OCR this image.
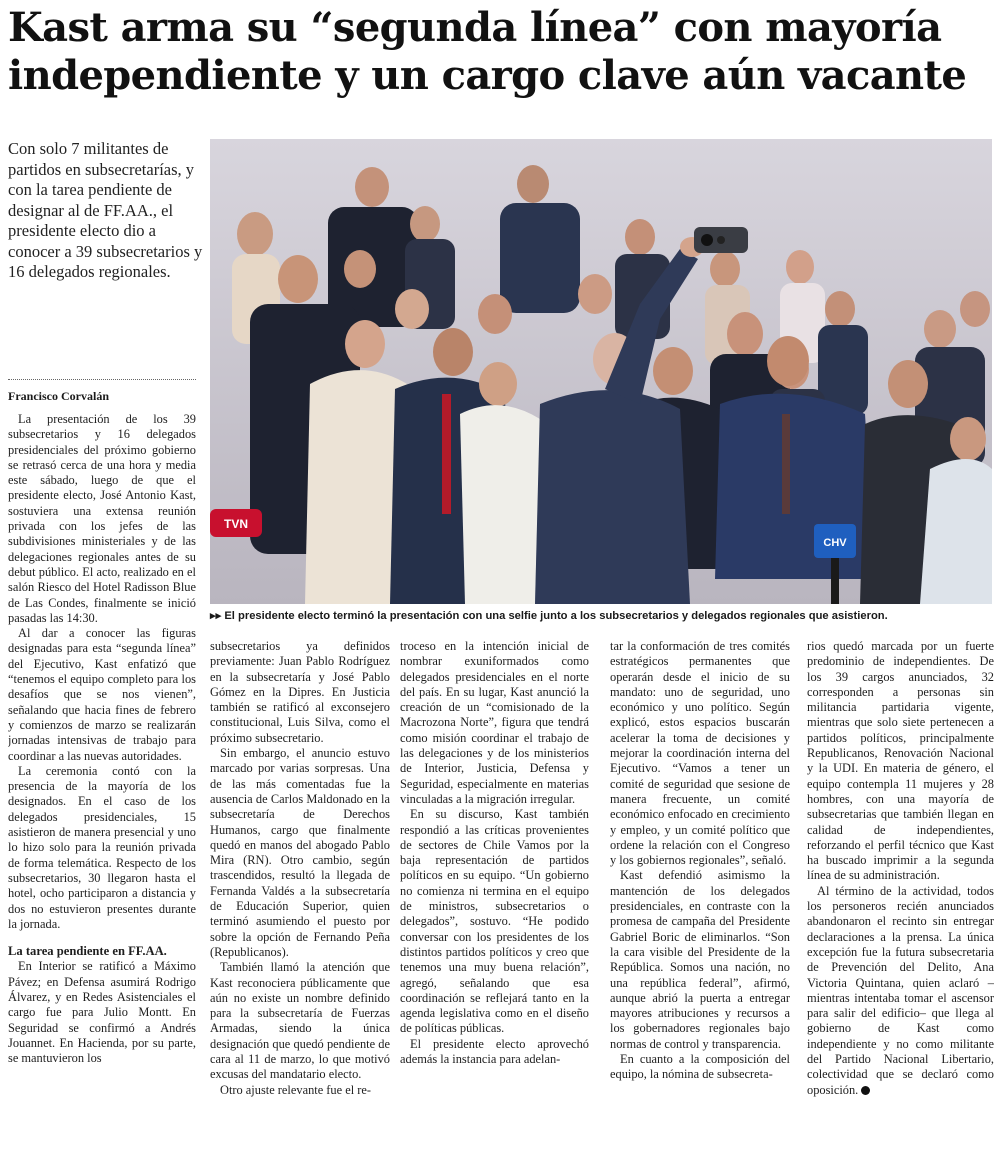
Kast arma su “segunda línea” con mayoría
independiente y un cargo clave aún vacante
Con solo 7 militantes de partidos en subsecretarías, y con la tarea pendiente de designar al de FF.AA., el presidente electo dio a conocer a 39 subsecretarios y 16 delegados regionales.
Francisco Corvalán
TVN
CHV
▸▸ El presidente electo terminó la presentación con una selfie junto a los subsecretarios y delegados regionales que asistieron.

La presentación de los 39 subsecretarios y 16 delegados presidenciales del próximo gobierno se retrasó cerca de una hora y media este sábado, luego de que el presidente electo, José Antonio Kast, sostuviera una extensa reunión privada con los jefes de las subdivisiones ministeriales y de las delegaciones regionales antes de su debut público. El acto, realizado en el salón Riesco del Hotel Radisson Blue de Las Condes, finalmente se inició pasadas las 14:30.

Al dar a conocer las figuras designadas para esta “segunda línea” del Ejecutivo, Kast enfatizó que “tenemos el equipo completo para los desafíos que se nos vienen”, señalando que hacia fines de febrero y comienzos de marzo se realizarán jornadas intensivas de trabajo para coordinar a las nuevas autoridades.

La ceremonia contó con la presencia de la mayoría de los designados. En el caso de los delegados presidenciales, 15 asistieron de manera presencial y uno lo hizo solo para la reunión privada de forma telemática. Respecto de los subsecretarios, 30 llegaron hasta el hotel, ocho participaron a distancia y dos no estuvieron presentes durante la jornada.

La tarea pendiente en FF.AA.

En Interior se ratificó a Máximo Pávez; en Defensa asumirá Rodrigo Álvarez, y en Redes Asistenciales el cargo fue para Julio Montt. En Seguridad se confirmó a Andrés Jouannet. En Hacienda, por su parte, se mantuvieron los

subsecretarios ya definidos previamente: Juan Pablo Rodríguez en la subsecretaría y José Pablo Gómez en la Dipres. En Justicia también se ratificó al exconsejero constitucional, Luis Silva, como el próximo subsecretario.

Sin embargo, el anuncio estuvo marcado por varias sorpresas. Una de las más comentadas fue la ausencia de Carlos Maldonado en la subsecretaría de Derechos Humanos, cargo que finalmente quedó en manos del abogado Pablo Mira (RN). Otro cambio, según trascendidos, resultó la llegada de Fernanda Valdés a la subsecretaría de Educación Superior, quien terminó asumiendo el puesto por sobre la opción de Fernando Peña (Republicanos).

También llamó la atención que Kast reconociera públicamente que aún no existe un nombre definido para la subsecretaría de Fuerzas Armadas, siendo la única designación que quedó pendiente de cara al 11 de marzo, lo que motivó excusas del mandatario electo.

Otro ajuste relevante fue el re-

troceso en la intención inicial de nombrar exuniformados como delegados presidenciales en el norte del país. En su lugar, Kast anunció la creación de un “comisionado de la Macrozona Norte”, figura que tendrá como misión coordinar el trabajo de las delegaciones y de los ministerios de Interior, Justicia, Defensa y Seguridad, especialmente en materias vinculadas a la migración irregular.

En su discurso, Kast también respondió a las críticas provenientes de sectores de Chile Vamos por la baja representación de partidos políticos en su equipo. “Un gobierno no comienza ni termina en el equipo de ministros, subsecretarios o delegados”, sostuvo. “He podido conversar con los presidentes de los distintos partidos políticos y creo que tenemos una muy buena relación”, agregó, señalando que esa coordinación se reflejará tanto en la agenda legislativa como en el diseño de políticas públicas.

El presidente electo aprovechó además la instancia para adelan-

tar la conformación de tres comités estratégicos permanentes que operarán desde el inicio de su mandato: uno de seguridad, uno económico y uno político. Según explicó, estos espacios buscarán acelerar la toma de decisiones y mejorar la coordinación interna del Ejecutivo. “Vamos a tener un comité de seguridad que sesione de manera frecuente, un comité económico enfocado en crecimiento y empleo, y un comité político que ordene la relación con el Congreso y los gobiernos regionales”, señaló.

Kast defendió asimismo la mantención de los delegados presidenciales, en contraste con la promesa de campaña del Presidente Gabriel Boric de eliminarlos. “Son la cara visible del Presidente de la República. Somos una nación, no una república federal”, afirmó, aunque abrió la puerta a entregar mayores atribuciones y recursos a los gobernadores regionales bajo normas de control y transparencia.

En cuanto a la composición del equipo, la nómina de subsecreta-

rios quedó marcada por un fuerte predominio de independientes. De los 39 cargos anunciados, 32 corresponden a personas sin militancia partidaria vigente, mientras que solo siete pertenecen a partidos políticos, principalmente Republicanos, Renovación Nacional y la UDI. En materia de género, el equipo contempla 11 mujeres y 28 hombres, con una mayoría de subsecretarias que también llegan en calidad de independientes, reforzando el perfil técnico que Kast ha buscado imprimir a la segunda línea de su administración.

Al término de la actividad, todos los personeros recién anunciados abandonaron el recinto sin entregar declaraciones a la prensa. La única excepción fue la futura subsecretaria de Prevención del Delito, Ana Victoria Quintana, quien aclaró –mientras intentaba tomar el ascensor para salir del edificio– que llega al gobierno de Kast como independiente y no como militante del Partido Nacional Libertario, colectividad que se declaró como oposición.
